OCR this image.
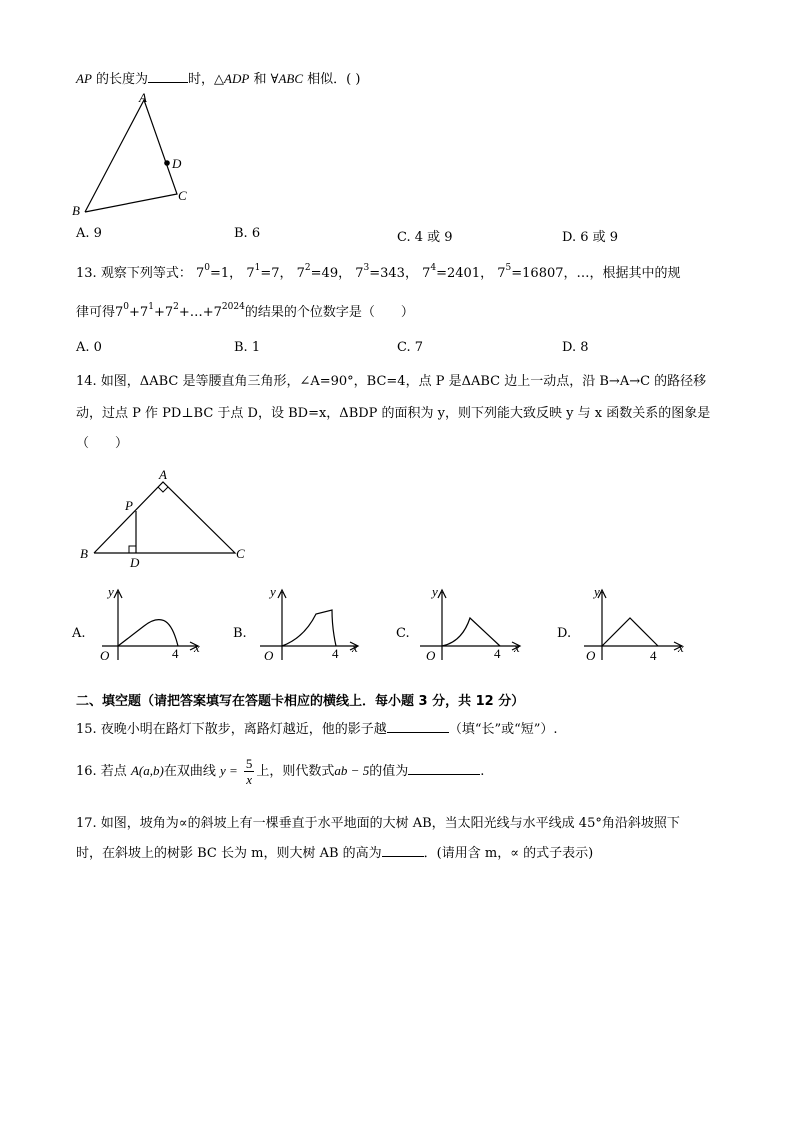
AP 的长度为	时，△ADP 和 ∀ABC 相似．( )
A
B
C
D
A. 9	B. 6	C. 4 或 9	D. 6 或 9
13. 观察下列等式： $7^0=1$， $7^1=7$， $7^2=49$， $7^3=343$， $7^4=2401$， $7^5=16807$，…，根据其中的规
律可得$7^0+7^1+7^2+\dots+7^{2024}$的结果的个位数字是（　　）
A. 0	B. 1	C. 7	D. 8
14. 如图，ΔABC 是等腰直角三角形，∠A=90°，BC=4，点 P 是ΔABC 边上一动点，沿 B→A→C 的路径移
动，过点 P 作 PD⊥BC 于点 D，设 BD=x，ΔBDP 的面积为 y，则下列能大致反映 y 与 x 函数关系的图象是
（　　）
A
B	C
D
P
A.
y
x
O	4
B.
y
x
O	4
C.
y
x
O	4
D.
y
x
O	4
二、填空题（请把答案填写在答题卡相应的横线上．每小题 3 分，共 12 分）
15. 夜晚小明在路灯下散步，离路灯越近，他的影子越	（填“长”或“短”）.
16. 若点 A(a,b)在双曲线 $y = \frac{5}{x}$ 上，则代数式ab − 5的值为	.
17. 如图，坡角为∝的斜坡上有一棵垂直于水平地面的大树 AB，当太阳光线与水平线成 45°角沿斜坡照下
时，在斜坡上的树影 BC 长为 m，则大树 AB 的高为	．(请用含 m，∝ 的式子表示)
